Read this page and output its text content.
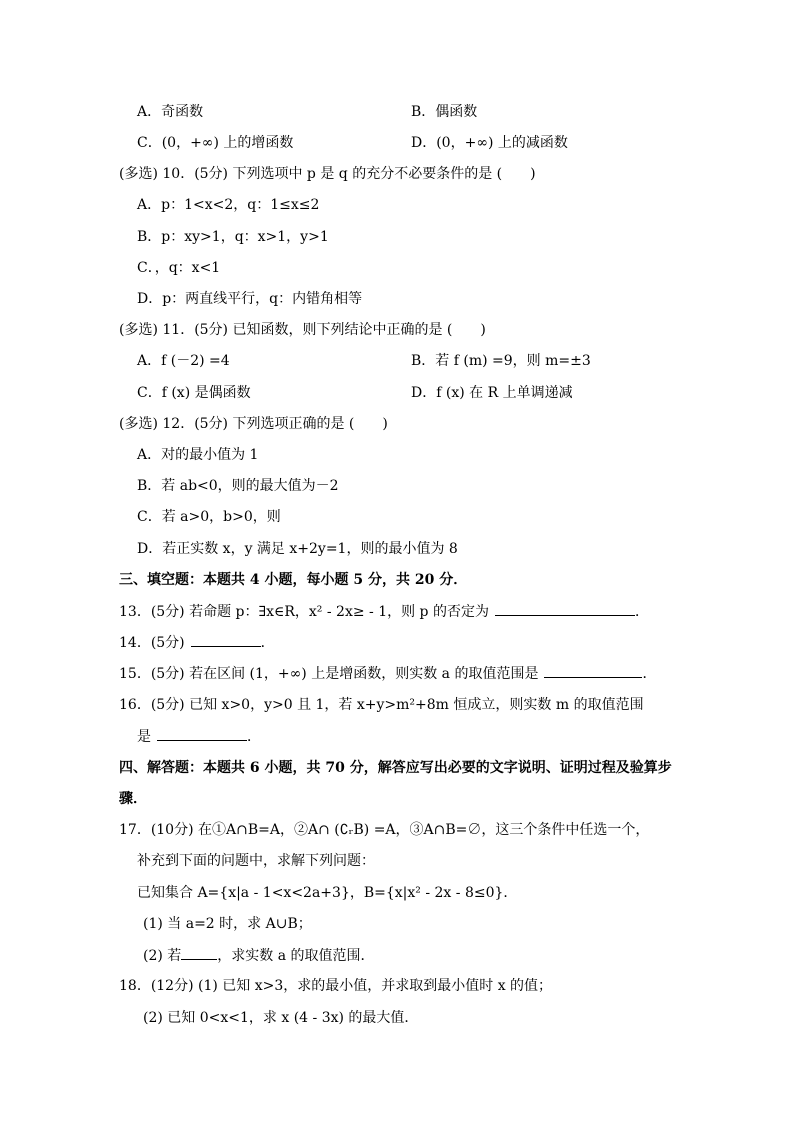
A．奇函数	B．偶函数
C．(0，+∞) 上的增函数	D．(0，+∞) 上的减函数
(多选) 10．(5分) 下列选项中 p 是 q 的充分不必要条件的是 (　　)
A．p：1<x<2，q：1≤x≤2
B．p：xy>1，q：x>1，y>1
C．，q：x<1
D．p：两直线平行，q：内错角相等
(多选) 11．(5分) 已知函数，则下列结论中正确的是 (　　)
A．f (－2) =4	B．若 f (m) =9，则 m=±3
C．f (x) 是偶函数	D．f (x) 在 R 上单调递减
(多选) 12．(5分) 下列选项正确的是 (　　)
A．对的最小值为 1
B．若 ab<0，则的最大值为－2
C．若 a>0，b>0，则
D．若正实数 x，y 满足 x+2y=1，则的最小值为 8
三、填空题：本题共 4 小题，每小题 5 分，共 20 分．
13．(5分) 若命题 p：∃x∈R，x² - 2x≥ - 1，则 p 的否定为	．
14．(5分)	．
15．(5分) 若在区间 (1，+∞) 上是增函数，则实数 a 的取值范围是	．
16．(5分) 已知 x>0，y>0 且 1，若 x+y>m²+8m 恒成立，则实数 m 的取值范围
是	．
四、解答题：本题共 6 小题，共 70 分，解答应写出必要的文字说明、证明过程及验算步
骤．
17．(10分) 在①A∩B=A，②A∩ (∁ᵣB) =A，③A∩B=∅，这三个条件中任选一个，
补充到下面的问题中，求解下列问题：
已知集合 A={x|a - 1<x<2a+3}，B={x|x² - 2x - 8≤0}．
(1) 当 a=2 时，求 A∪B；
(2) 若	，求实数 a 的取值范围．
18．(12分) (1) 已知 x>3，求的最小值，并求取到最小值时 x 的值；
(2) 已知 0<x<1，求 x (4 - 3x) 的最大值．
